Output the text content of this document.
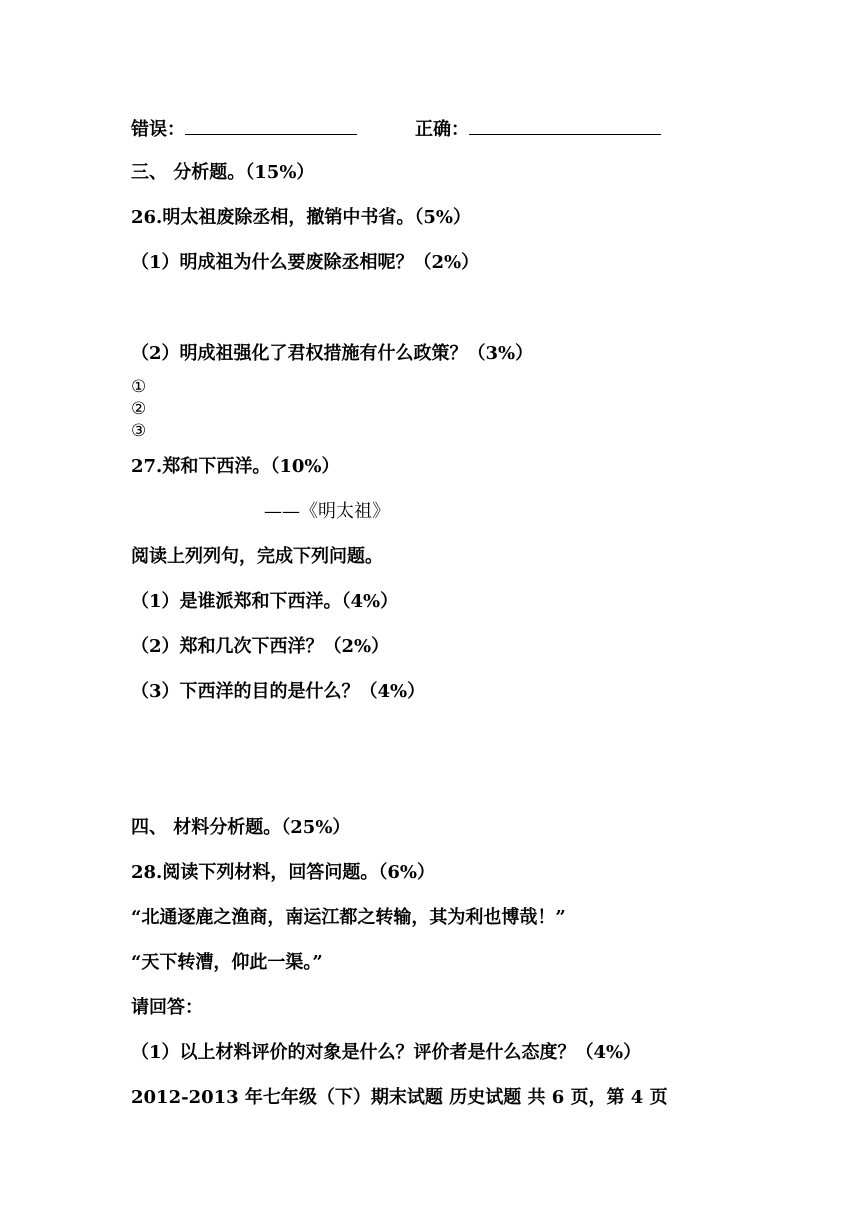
错误：	正确：
三、 分析题。（15%）
26.明太祖废除丞相，撤销中书省。（5%）
（1）明成祖为什么要废除丞相呢？（2%）
（2）明成祖强化了君权措施有什么政策？（3%）
①
②
③
27.郑和下西洋。（10%）
——《明太祖》
阅读上列列句，完成下列问题。
（1）是谁派郑和下西洋。（4%）
（2）郑和几次下西洋？（2%）
（3）下西洋的目的是什么？（4%）
四、 材料分析题。（25%）
28.阅读下列材料，回答问题。（6%）
“北通逐鹿之渔商，南运江都之转输，其为利也博哉！”
“天下转漕，仰此一渠。”
请回答：
（1）以上材料评价的对象是什么？评价者是什么态度？（4%）
2012-2013 年七年级（下）期末试题 历史试题 共 6 页，第 4 页
